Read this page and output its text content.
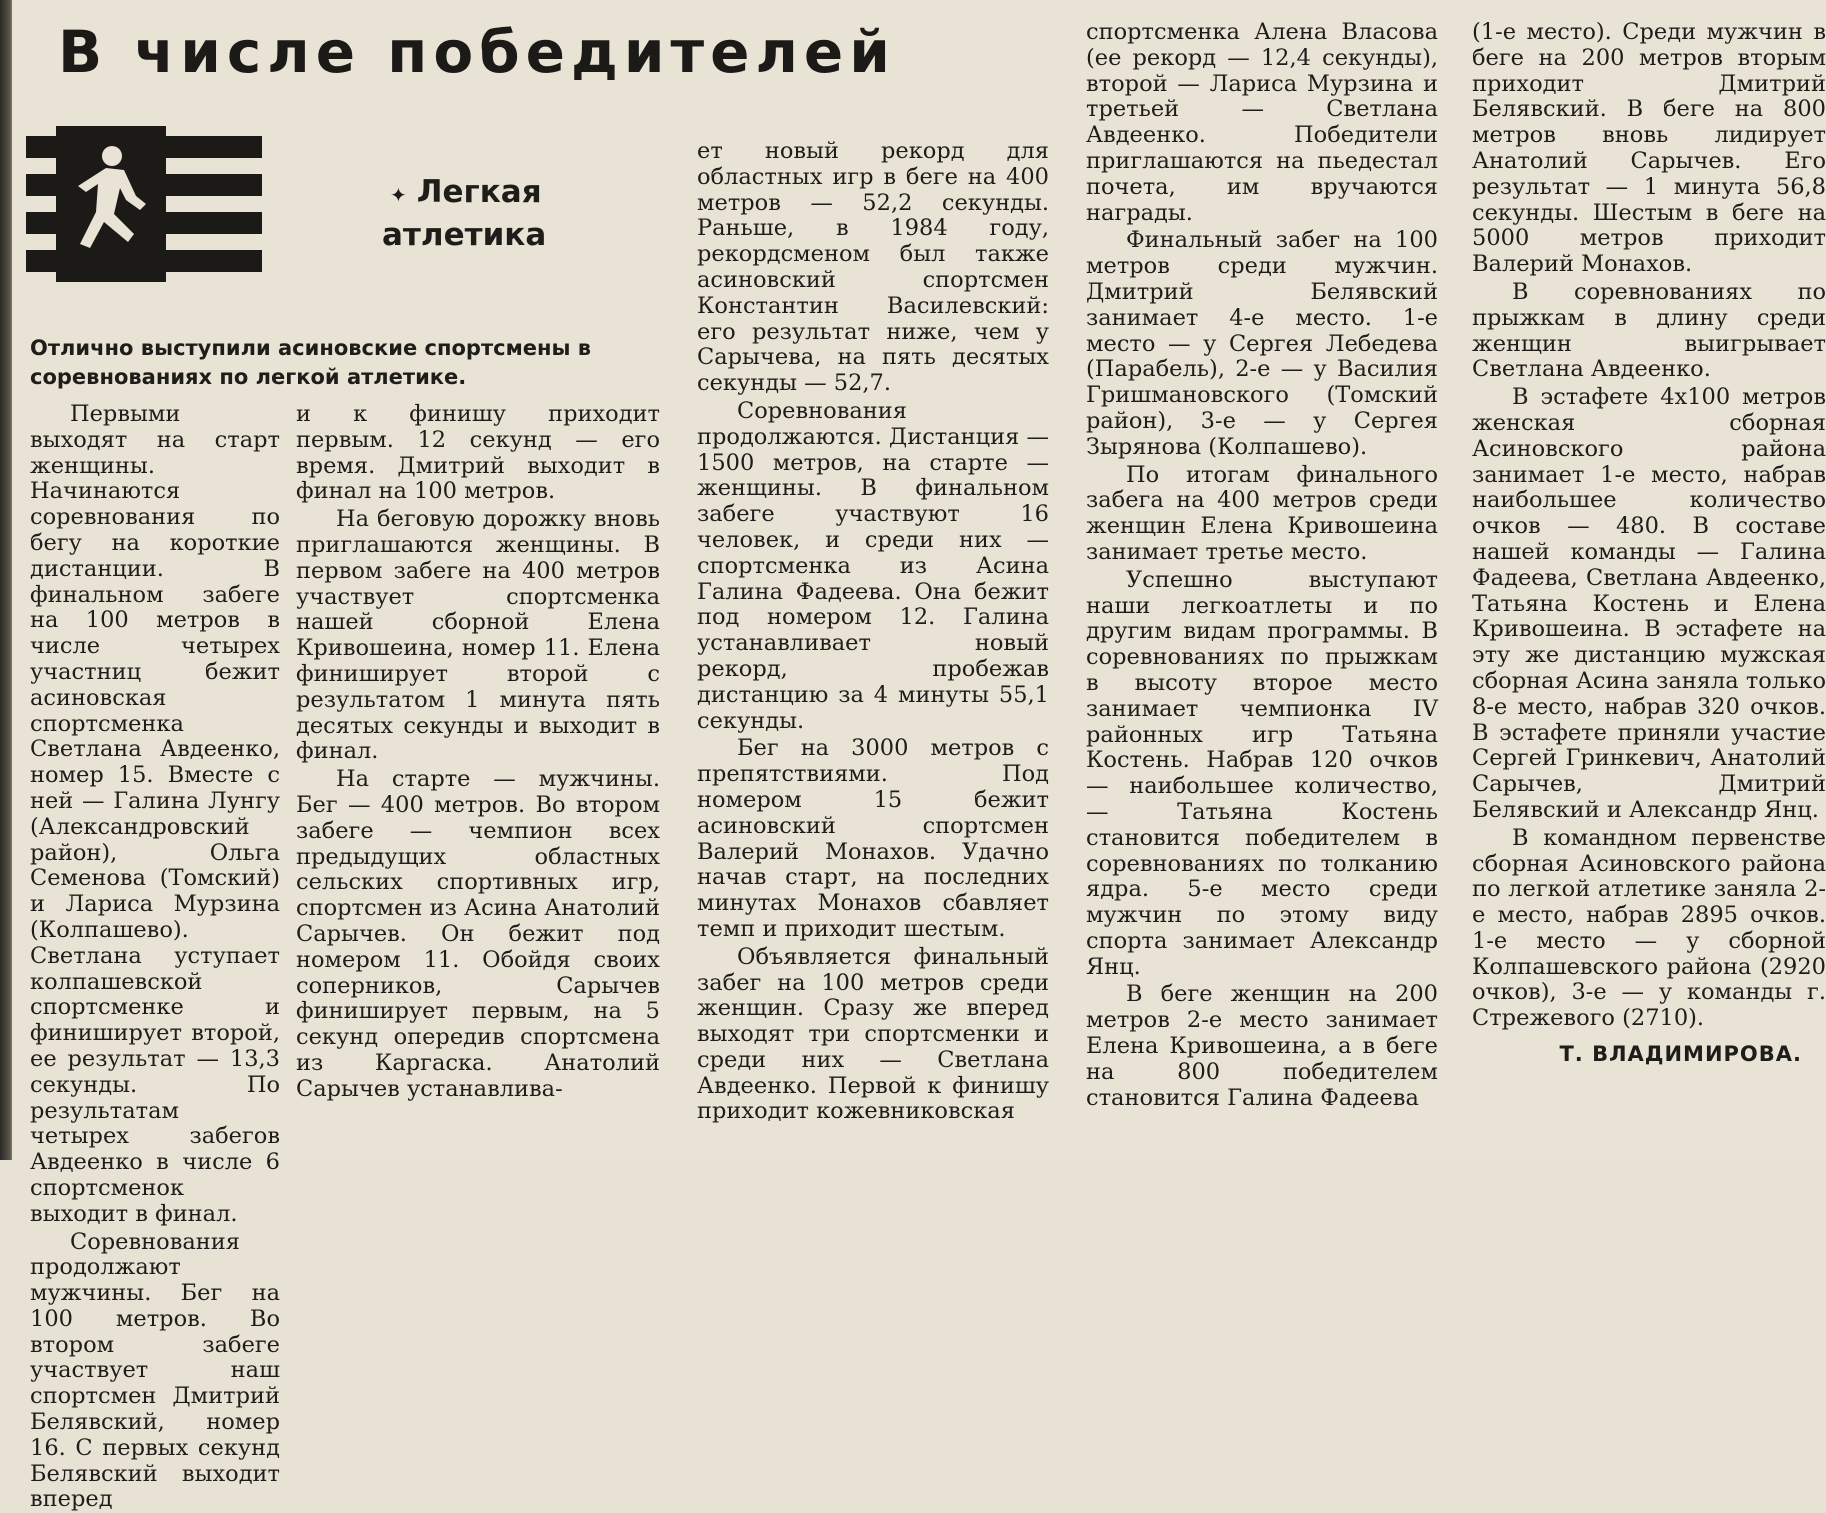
В числе победителей
✦ Легкая
атлетика
Отлично выступили асиновские спортсмены в соревнованиях по легкой атлетике.

Первыми выходят на старт женщины. Начинаются соревнования по бегу на короткие дистанции. В финальном забеге на 100 метров в числе четырех участниц бежит асиновская спортсменка Светлана Авдеенко, номер 15. Вместе с ней — Галина Лунгу (Александровский район), Ольга Семенова (Томский) и Лариса Мурзина (Колпашево). Светлана уступает колпашевской спортсменке и финиширует второй, ее результат — 13,3 секунды. По результатам четырех забегов Авдеенко в числе 6 спортсменок выходит в финал.

Соревнования продолжают мужчины. Бег на 100 метров. Во втором забеге участвует наш спортсмен Дмитрий Белявский, номер 16. С первых секунд Белявский выходит вперед

и к финишу приходит первым. 12 секунд — его время. Дмитрий выходит в финал на 100 метров.

На беговую дорожку вновь приглашаются женщины. В первом забеге на 400 метров участвует спортсменка нашей сборной Елена Кривошеина, номер 11. Елена финиширует второй с результатом 1 минута пять десятых секунды и выходит в финал.

На старте — мужчины. Бег — 400 метров. Во втором забеге — чемпион всех предыдущих областных сельских спортивных игр, спортсмен из Асина Анатолий Сарычев. Он бежит под номером 11. Обойдя своих соперников, Сарычев финиширует первым, на 5 секунд опередив спортсмена из Каргаска. Анатолий Сарычев устанавлива-

ет новый рекорд для областных игр в беге на 400 метров — 52,2 секунды. Раньше, в 1984 году, рекордсменом был также асиновский спортсмен Константин Василевский: его результат ниже, чем у Сарычева, на пять десятых секунды — 52,7.

Соревнования продолжаются. Дистанция — 1500 метров, на старте — женщины. В финальном забеге участвуют 16 человек, и среди них — спортсменка из Асина Галина Фадеева. Она бежит под номером 12. Галина устанавливает новый рекорд, пробежав дистанцию за 4 минуты 55,1 секунды.

Бег на 3000 метров с препятствиями. Под номером 15 бежит асиновский спортсмен Валерий Монахов. Удачно начав старт, на последних минутах Монахов сбавляет темп и приходит шестым.

Объявляется финальный забег на 100 метров среди женщин. Сразу же вперед выходят три спортсменки и среди них — Светлана Авдеенко. Первой к финишу приходит кожевниковская

спортсменка Алена Власова (ее рекорд — 12,4 секунды), второй — Лариса Мурзина и третьей — Светлана Авдеенко. Победители приглашаются на пьедестал почета, им вручаются награды.

Финальный забег на 100 метров среди мужчин. Дмитрий Белявский занимает 4-е место. 1-е место — у Сергея Лебедева (Парабель), 2-е — у Василия Гришмановского (Томский район), 3-е — у Сергея Зырянова (Колпашево).

По итогам финального забега на 400 метров среди женщин Елена Кривошеина занимает третье место.

Успешно выступают наши легкоатлеты и по другим видам программы. В соревнованиях по прыжкам в высоту второе место занимает чемпионка IV районных игр Татьяна Костень. Набрав 120 очков — наибольшее количество, — Татьяна Костень становится победителем в соревнованиях по толканию ядра. 5-е место среди мужчин по этому виду спорта занимает Александр Янц.

В беге женщин на 200 метров 2-е место занимает Елена Кривошеина, а в беге на 800 победителем становится Галина Фадеева

(1-е место). Среди мужчин в беге на 200 метров вторым приходит Дмитрий Белявский. В беге на 800 метров вновь лидирует Анатолий Сарычев. Его результат — 1 минута 56,8 секунды. Шестым в беге на 5000 метров приходит Валерий Монахов.

В соревнованиях по прыжкам в длину среди женщин выигрывает Светлана Авдеенко.

В эстафете 4х100 метров женская сборная Асиновского района занимает 1-е место, набрав наибольшее количество очков — 480. В составе нашей команды — Галина Фадеева, Светлана Авдеенко, Татьяна Костень и Елена Кривошеина. В эстафете на эту же дистанцию мужская сборная Асина заняла только 8-е место, набрав 320 очков. В эстафете приняли участие Сергей Гринкевич, Анатолий Сарычев, Дмитрий Белявский и Александр Янц.

В командном первенстве сборная Асиновского района по легкой атлетике заняла 2-е место, набрав 2895 очков. 1-е место — у сборной Колпашевского района (2920 очков), 3-е — у команды г. Стрежевого (2710).

Т. ВЛАДИМИРОВА.
